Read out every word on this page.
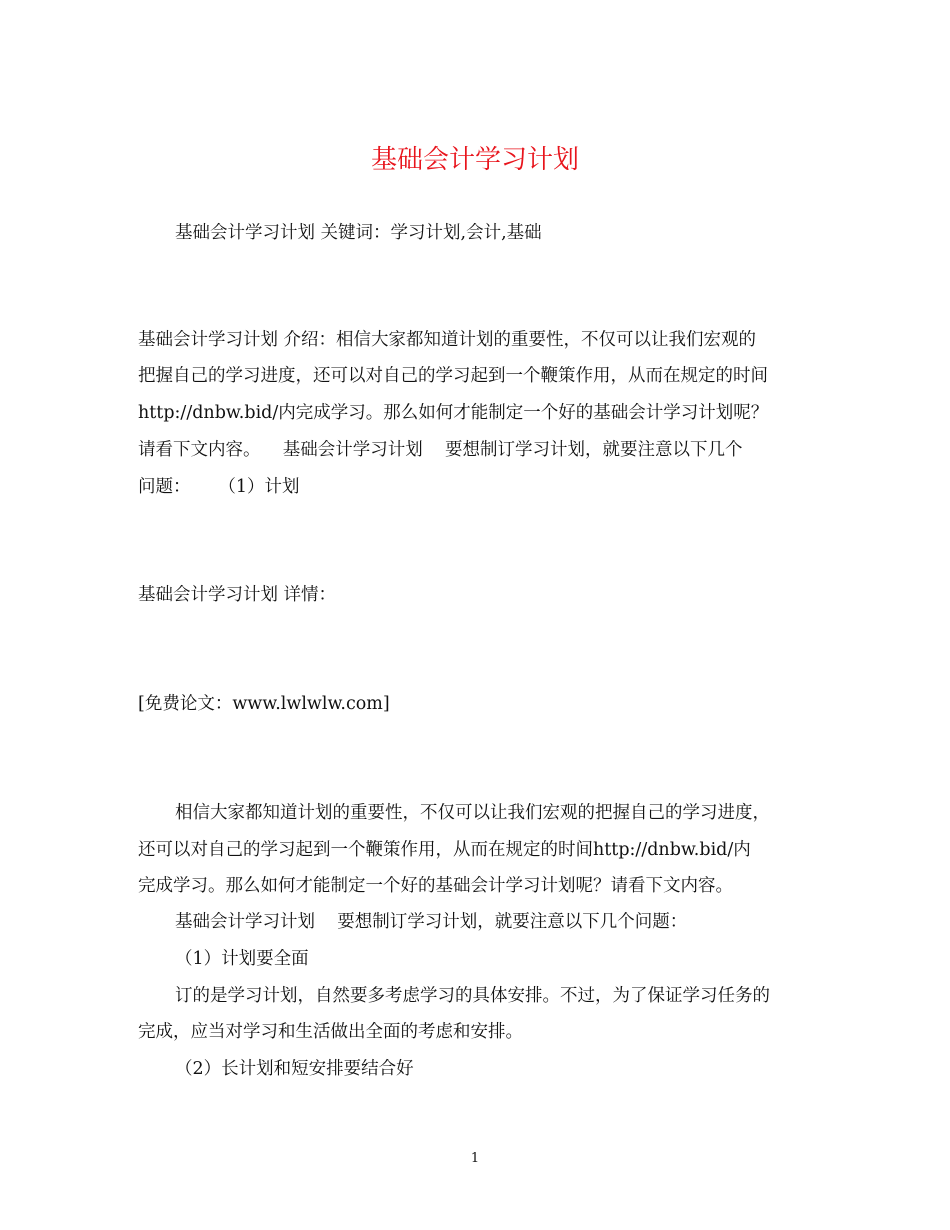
基础会计学习计划
基础会计学习计划 关键词：学习计划,会计,基础
基础会计学习计划 介绍：相信大家都知道计划的重要性，不仅可以让我们宏观的
把握自己的学习进度，还可以对自己的学习起到一个鞭策作用，从而在规定的时间
http://dnbw.bid/内完成学习。那么如何才能制定一个好的基础会计学习计划呢？
请看下文内容。    基础会计学习计划    要想制订学习计划，就要注意以下几个
问题：     （1）计划
基础会计学习计划 详情：
[免费论文：www.lwlwlw.com]
相信大家都知道计划的重要性，不仅可以让我们宏观的把握自己的学习进度，
还可以对自己的学习起到一个鞭策作用，从而在规定的时间http://dnbw.bid/内
完成学习。那么如何才能制定一个好的基础会计学习计划呢？请看下文内容。
基础会计学习计划    要想制订学习计划，就要注意以下几个问题：
（1）计划要全面
订的是学习计划，自然要多考虑学习的具体安排。不过，为了保证学习任务的
完成，应当对学习和生活做出全面的考虑和安排。
（2）长计划和短安排要结合好
1
